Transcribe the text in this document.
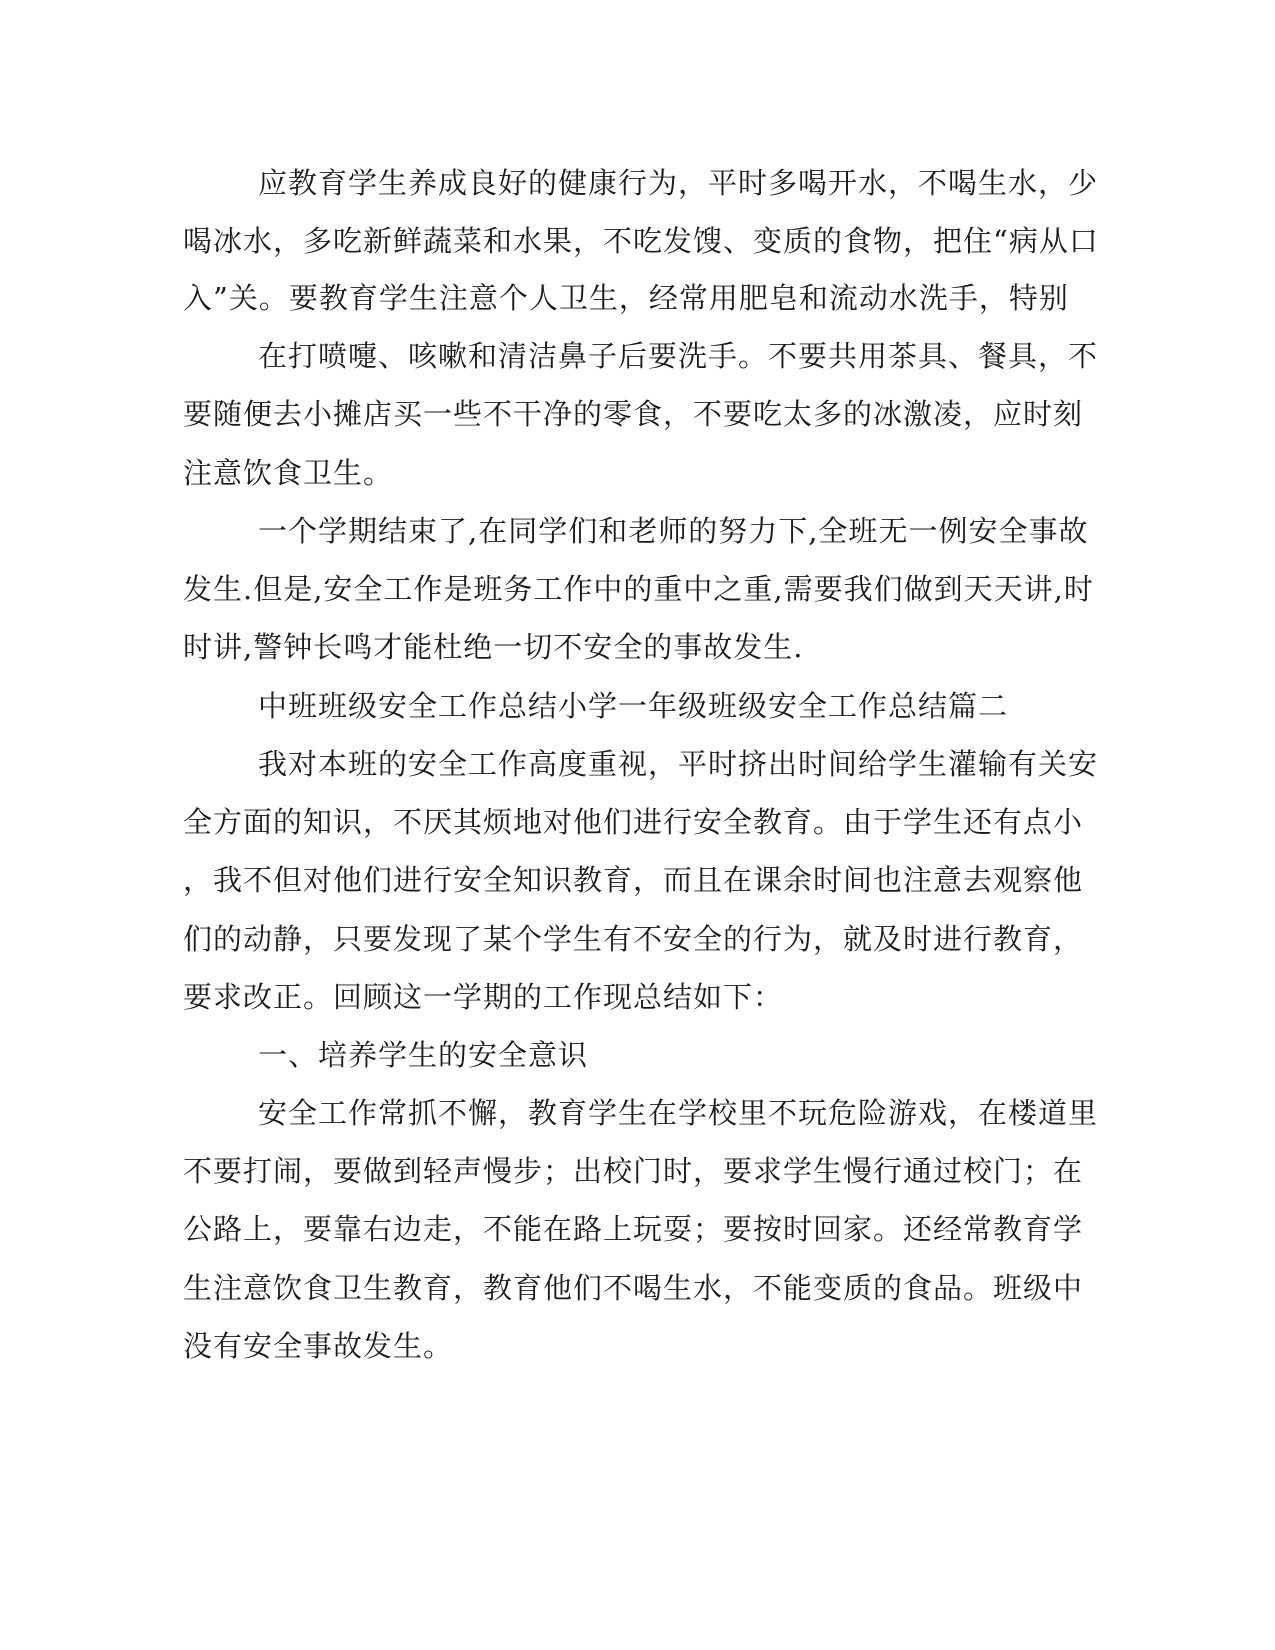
应教育学生养成良好的健康行为，平时多喝开水，不喝生水，少
喝冰水，多吃新鲜蔬菜和水果，不吃发馊、变质的食物，把住“病从口
入”关。要教育学生注意个人卫生，经常用肥皂和流动水洗手，特别
在打喷嚏、咳嗽和清洁鼻子后要洗手。不要共用茶具、餐具，不
要随便去小摊店买一些不干净的零食，不要吃太多的冰激凌，应时刻
注意饮食卫生。
一个学期结束了,在同学们和老师的努力下,全班无一例安全事故
发生.但是,安全工作是班务工作中的重中之重,需要我们做到天天讲,时
时讲,警钟长鸣才能杜绝一切不安全的事故发生.
中班班级安全工作总结小学一年级班级安全工作总结篇二
我对本班的安全工作高度重视，平时挤出时间给学生灌输有关安
全方面的知识，不厌其烦地对他们进行安全教育。由于学生还有点小
，我不但对他们进行安全知识教育，而且在课余时间也注意去观察他
们的动静，只要发现了某个学生有不安全的行为，就及时进行教育，
要求改正。回顾这一学期的工作现总结如下：
一、培养学生的安全意识
安全工作常抓不懈，教育学生在学校里不玩危险游戏，在楼道里
不要打闹，要做到轻声慢步；出校门时，要求学生慢行通过校门；在
公路上，要靠右边走，不能在路上玩耍；要按时回家。还经常教育学
生注意饮食卫生教育，教育他们不喝生水，不能变质的食品。班级中
没有安全事故发生。
